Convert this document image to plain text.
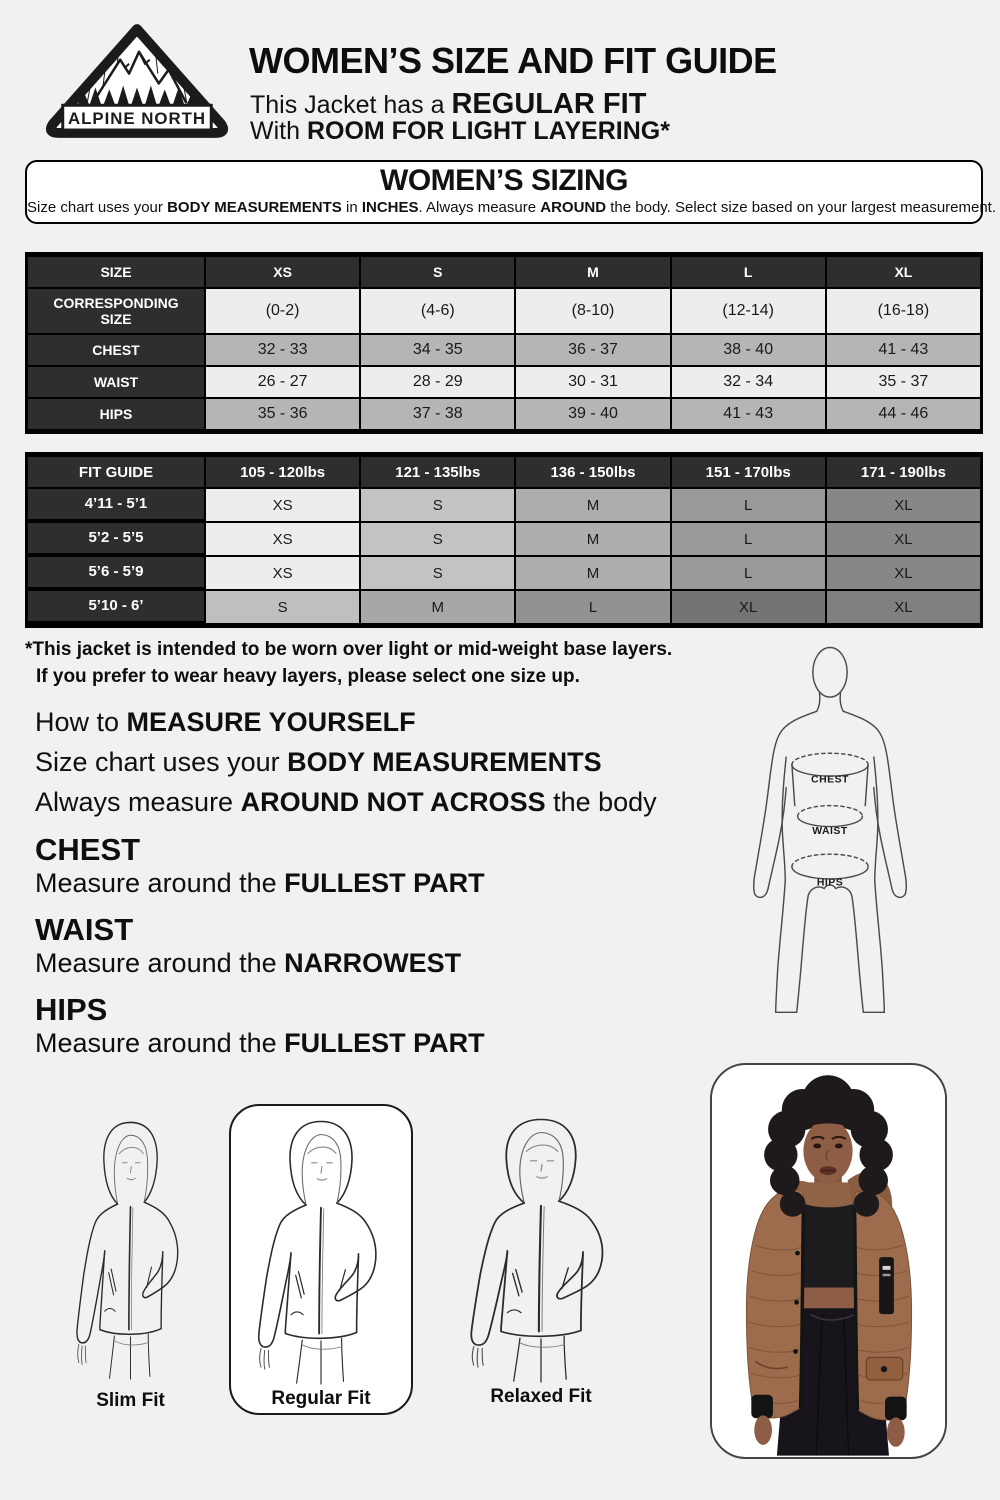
ALPINE NORTH
WOMEN’S SIZE AND FIT GUIDE
This Jacket has a REGULAR FIT
With ROOM FOR LIGHT LAYERING*
WOMEN’S SIZING
Size chart uses your BODY MEASUREMENTS in INCHES. Always measure AROUND the body. Select size based on your largest measurement.
SIZE	XS	S	M	L	XL
CORRESPONDING SIZE	(0-2)	(4-6)	(8-10)	(12-14)	(16-18)
CHEST	32 - 33	34 - 35	36 - 37	38 - 40	41 - 43
WAIST	26 - 27	28 - 29	30 - 31	32 - 34	35 - 37
HIPS	35 - 36	37 - 38	39 - 40	41 - 43	44 - 46
FIT GUIDE	105 - 120lbs	121 - 135lbs	136 - 150lbs	151 - 170lbs	171 - 190lbs
4’11 - 5’1	XS	S	M	L	XL
5’2 - 5’5	XS	S	M	L	XL
5’6 - 5’9	XS	S	M	L	XL
5’10 - 6’	S	M	L	XL	XL
*This jacket is intended to be worn over light or mid-weight base layers.
If you prefer to wear heavy layers, please select one size up.
How to MEASURE YOURSELF
Size chart uses your BODY MEASUREMENTS
Always measure AROUND NOT ACROSS the body
CHEST
Measure around the FULLEST PART
WAIST
Measure around the NARROWEST
HIPS
Measure around the FULLEST PART
CHEST
WAIST
HIPS
Slim Fit	Regular Fit	Relaxed Fit
